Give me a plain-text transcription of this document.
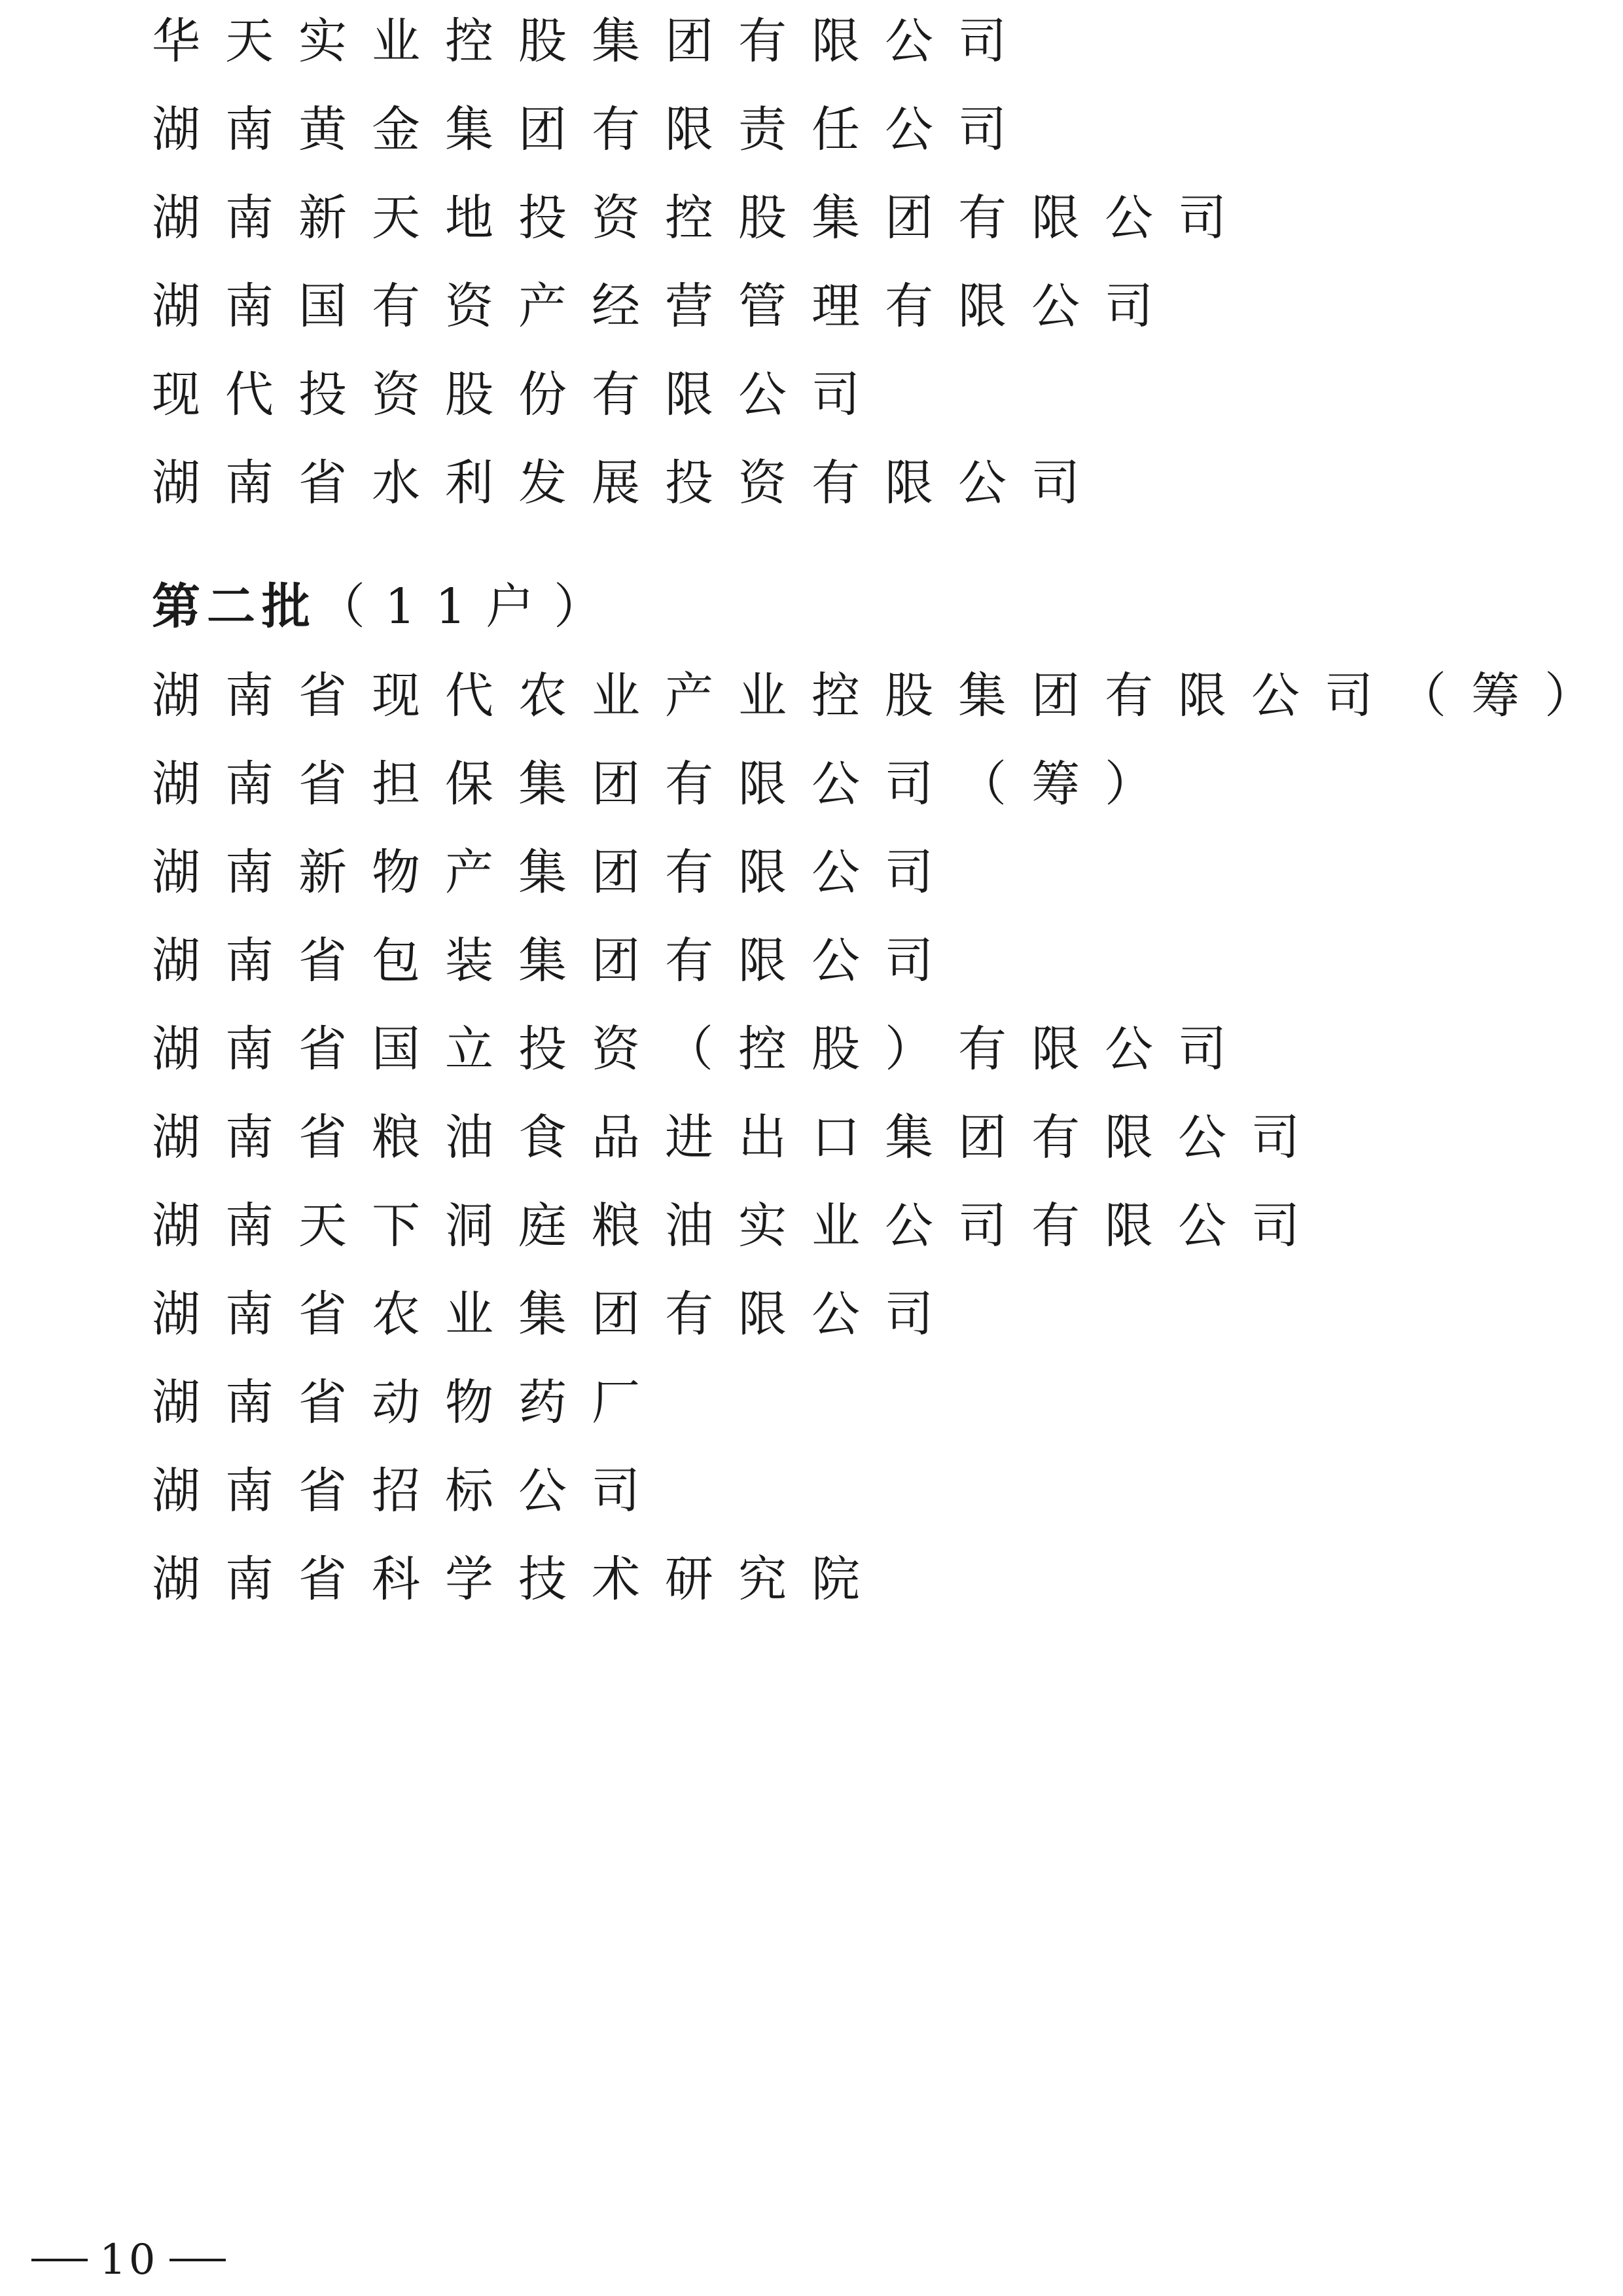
华天实业控股集团有限公司
湖南黄金集团有限责任公司
湖南新天地投资控股集团有限公司
湖南国有资产经营管理有限公司
现代投资股份有限公司
湖南省水利发展投资有限公司
第二批（11户）
湖南省现代农业产业控股集团有限公司（筹）
湖南省担保集团有限公司（筹）
湖南新物产集团有限公司
湖南省包装集团有限公司
湖南省国立投资（控股）有限公司
湖南省粮油食品进出口集团有限公司
湖南天下洞庭粮油实业公司有限公司
湖南省农业集团有限公司
湖南省动物药厂
湖南省招标公司
湖南省科学技术研究院
10
